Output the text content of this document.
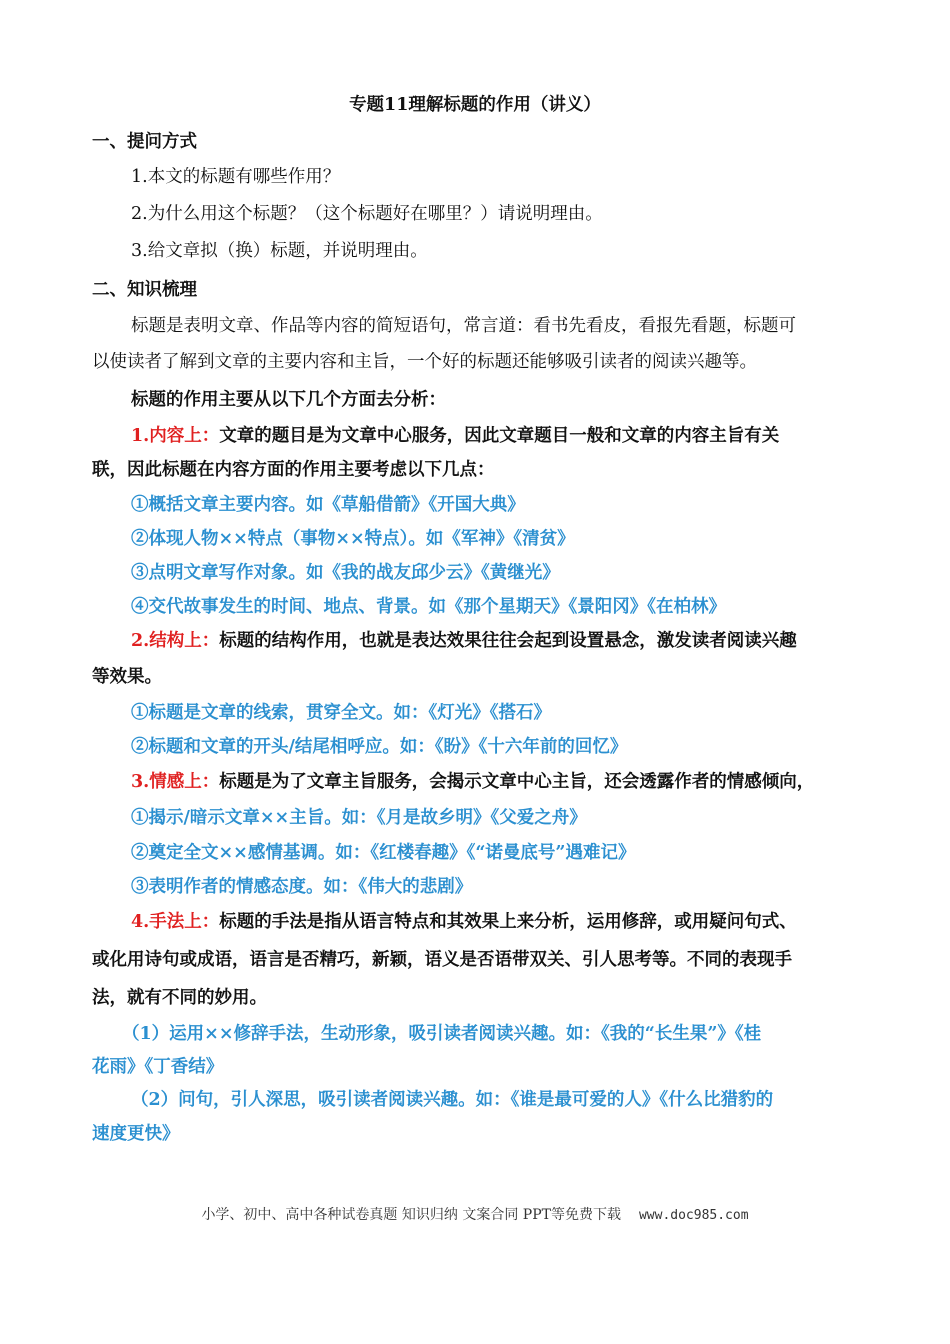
专题11理解标题的作用（讲义）
一、提问方式
1.本文的标题有哪些作用？
2.为什么用这个标题？（这个标题好在哪里？）请说明理由。
3.给文章拟（换）标题，并说明理由。
二、知识梳理
标题是表明文章、作品等内容的简短语句，常言道：看书先看皮，看报先看题，标题可
以使读者了解到文章的主要内容和主旨，一个好的标题还能够吸引读者的阅读兴趣等。
标题的作用主要从以下几个方面去分析：
1.内容上：文章的题目是为文章中心服务，因此文章题目一般和文章的内容主旨有关
联，因此标题在内容方面的作用主要考虑以下几点：
①概括文章主要内容。如《草船借箭》《开国大典》
②体现人物××特点（事物××特点）。如《军神》《清贫》
③点明文章写作对象。如《我的战友邱少云》《黄继光》
④交代故事发生的时间、地点、背景。如《那个星期天》《景阳冈》《在柏林》
2.结构上：标题的结构作用，也就是表达效果往往会起到设置悬念，激发读者阅读兴趣
等效果。
①标题是文章的线索，贯穿全文。如：《灯光》《搭石》
②标题和文章的开头/结尾相呼应。如：《盼》《十六年前的回忆》
3.情感上：标题是为了文章主旨服务，会揭示文章中心主旨，还会透露作者的情感倾向，
①揭示/暗示文章××主旨。如：《月是故乡明》《父爱之舟》
②奠定全文××感情基调。如：《红楼春趣》《“诺曼底号”遇难记》
③表明作者的情感态度。如：《伟大的悲剧》
4.手法上：标题的手法是指从语言特点和其效果上来分析，运用修辞，或用疑问句式、
或化用诗句或成语，语言是否精巧，新颖，语义是否语带双关、引人思考等。不同的表现手
法，就有不同的妙用。
（1）运用××修辞手法，生动形象，吸引读者阅读兴趣。如：《我的“长生果”》《桂
花雨》《丁香结》
（2）问句，引人深思，吸引读者阅读兴趣。如：《谁是最可爱的人》《什么比猎豹的
速度更快》
小学、初中、高中各种试卷真题 知识归纳 文案合同 PPT等免费下载 www.doc985.com
